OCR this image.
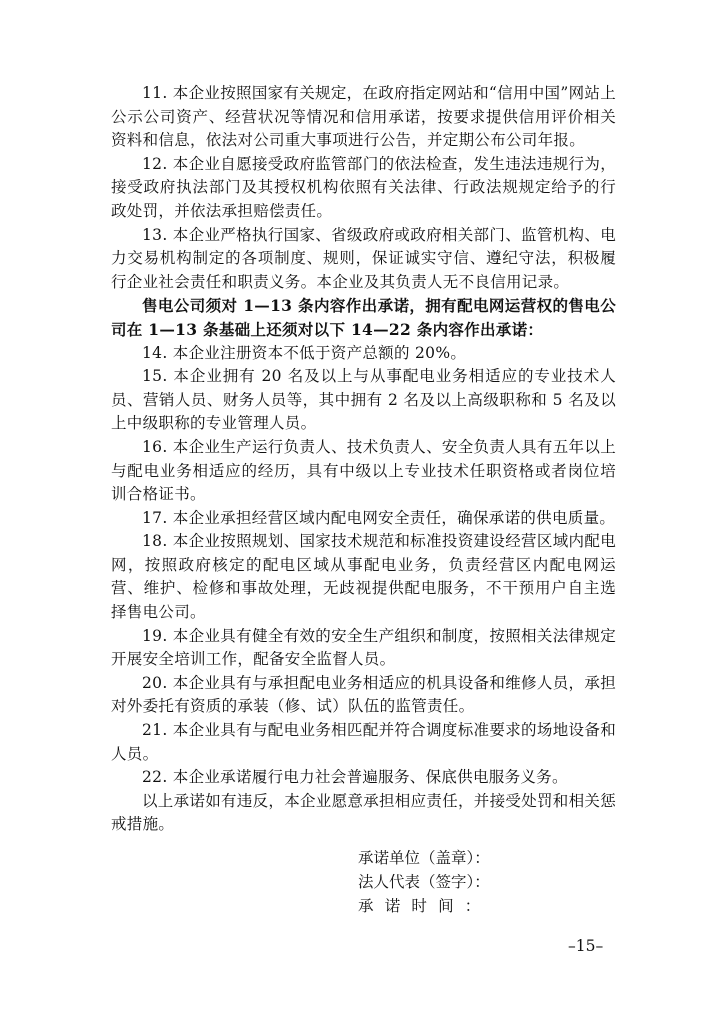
11. 本企业按照国家有关规定，在政府指定网站和“信用中国”网站上公示公司资产、经营状况等情况和信用承诺，按要求提供信用评价相关资料和信息，依法对公司重大事项进行公告，并定期公布公司年报。

12. 本企业自愿接受政府监管部门的依法检查，发生违法违规行为，接受政府执法部门及其授权机构依照有关法律、行政法规规定给予的行政处罚，并依法承担赔偿责任。

13. 本企业严格执行国家、省级政府或政府相关部门、监管机构、电力交易机构制定的各项制度、规则，保证诚实守信、遵纪守法，积极履行企业社会责任和职责义务。本企业及其负责人无不良信用记录。

售电公司须对 1—13 条内容作出承诺，拥有配电网运营权的售电公司在 1—13 条基础上还须对以下 14—22 条内容作出承诺：

14. 本企业注册资本不低于资产总额的 20%。

15. 本企业拥有 20 名及以上与从事配电业务相适应的专业技术人员、营销人员、财务人员等，其中拥有 2 名及以上高级职称和 5 名及以上中级职称的专业管理人员。

16. 本企业生产运行负责人、技术负责人、安全负责人具有五年以上与配电业务相适应的经历，具有中级以上专业技术任职资格或者岗位培训合格证书。

17. 本企业承担经营区域内配电网安全责任，确保承诺的供电质量。

18. 本企业按照规划、国家技术规范和标准投资建设经营区域内配电网，按照政府核定的配电区域从事配电业务，负责经营区内配电网运营、维护、检修和事故处理，无歧视提供配电服务，不干预用户自主选择售电公司。

19. 本企业具有健全有效的安全生产组织和制度，按照相关法律规定开展安全培训工作，配备安全监督人员。

20. 本企业具有与承担配电业务相适应的机具设备和维修人员，承担对外委托有资质的承装（修、试）队伍的监管责任。

21. 本企业具有与配电业务相匹配并符合调度标准要求的场地设备和人员。

22. 本企业承诺履行电力社会普遍服务、保底供电服务义务。

以上承诺如有违反，本企业愿意承担相应责任，并接受处罚和相关惩戒措施。

承诺单位（盖章）：
法人代表（签字）：
承诺时间：
–15–
